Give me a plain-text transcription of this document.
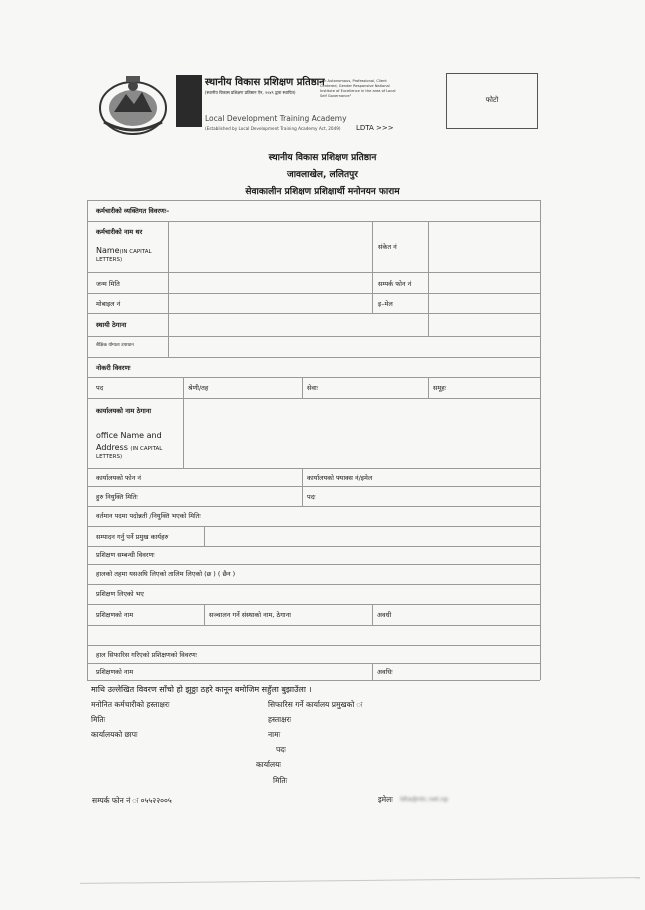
स्थानीय विकास प्रशिक्षण प्रतिष्ठान
(स्थानीय विकास प्रशिक्षण प्रतिष्ठान ऐन, २०४९ द्वारा स्थापित)
"An Autonomous, Professional, Client Centered, Gender Responsive National Institute of Excellence in the area of Local Self Governance"
Local Development Training Academy
(Established by Local Development Training Academy Act, 2049) LDTA >>>
फोटो
स्थानीय विकास प्रशिक्षण प्रतिष्ठान
जावलाखेल, ललितपुर
सेवाकालीन प्रशिक्षण प्रशिक्षार्थी मनोनयन फाराम
कर्मचारीको व्यक्तिगत विवरणः–
कर्मचारीको नाम थर
Name(IN CAPITAL
LETTERS)
संकेत नं
जन्म मिति	सम्पर्क फोन नं
मोबाइल नं	इ–मेल
स्थायी ठेगाना
शैक्षिक योग्यता उपाधान
नोकरी विवरणः
पद	श्रेणी/तह	सेवाः	समूहः
कार्यालयको नाम ठेगाना
office Name and
Address (IN CAPITAL
LETTERS)
कार्यालयको फोन नं	कार्यालयको फ्याक्स नं/इमेल
हुरु नियुक्ति मितिः	पदः
वर्तमान पदमा पदोन्नती /नियुक्ति भएको मितिः
सम्पादन गर्नु पर्ने प्रमुख कार्यहरु
प्रशिक्षण सम्बन्धी विवरणः
हालको तहमा यसअघि लिएको तालिम लिएको (छ ) ( छैन )
प्रशिक्षण लिएको भए
प्रशिक्षणको नाम	सञ्चालन गर्ने संस्थाको नाम, ठेगाना	अवधी
हाल सिफारिस गरिएको प्रशिक्षणको विवरणः
प्रशिक्षणको नाम	अवधिः
माथि उल्लेखित विवरण साँचो हो झुठ्ठा ठहरे कानून बमोजिम सहुँला बुझाउँला ।
मनोनित कर्मचारीको हस्ताक्षरः	सिफारिस गर्ने कार्यालय प्रमुखको ः
मितिः	हस्ताक्षरः
कार्यालयको छापः	नामः
पदः
कार्यालयः
मितिः
सम्पर्क फोन नं ः ०५५२२००५	इमेलः ldta@ntc.net.np
